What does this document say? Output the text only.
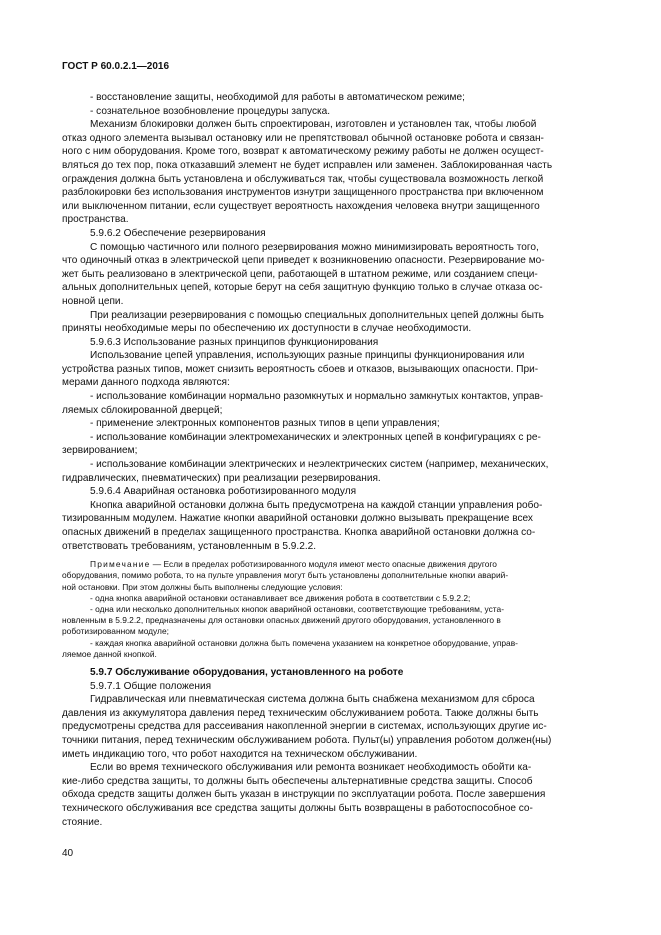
ГОСТ Р 60.0.2.1—2016

- восстановление защиты, необходимой для работы в автоматическом режиме;

- сознательное возобновление процедуры запуска.

Механизм блокировки должен быть спроектирован, изготовлен и установлен так, чтобы любой

отказ одного элемента вызывал остановку или не препятствовал обычной остановке робота и связан-

ного с ним оборудования. Кроме того, возврат к автоматическому режиму работы не должен осущест-

вляться до тех пор, пока отказавший элемент не будет исправлен или заменен. Заблокированная часть

ограждения должна быть установлена и обслуживаться так, чтобы существовала возможность легкой

разблокировки без использования инструментов изнутри защищенного пространства при включенном

или выключенном питании, если существует вероятность нахождения человека внутри защищенного

пространства.

5.9.6.2 Обеспечение резервирования

С помощью частичного или полного резервирования можно минимизировать вероятность того,

что одиночный отказ в электрической цепи приведет к возникновению опасности. Резервирование мо-

жет быть реализовано в электрической цепи, работающей в штатном режиме, или созданием специ-

альных дополнительных цепей, которые берут на себя защитную функцию только в случае отказа ос-

новной цепи.

При реализации резервирования с помощью специальных дополнительных цепей должны быть

приняты необходимые меры по обеспечению их доступности в случае необходимости.

5.9.6.3 Использование разных принципов функционирования

Использование цепей управления, использующих разные принципы функционирования или

устройства разных типов, может снизить вероятность сбоев и отказов, вызывающих опасности. При-

мерами данного подхода являются:

- использование комбинации нормально разомкнутых и нормально замкнутых контактов, управ-

ляемых сблокированной дверцей;

- применение электронных компонентов разных типов в цепи управления;

- использование комбинации электромеханических и электронных цепей в конфигурациях с ре-

зервированием;

- использование комбинации электрических и неэлектрических систем (например, механических,

гидравлических, пневматических) при реализации резервирования.

5.9.6.4 Аварийная остановка роботизированного модуля

Кнопка аварийной остановки должна быть предусмотрена на каждой станции управления робо-

тизированным модулем. Нажатие кнопки аварийной остановки должно вызывать прекращение всех

опасных движений в пределах защищенного пространства. Кнопка аварийной остановки должна со-

ответствовать требованиям, установленным в 5.9.2.2.

Примечание — Если в пределах роботизированного модуля имеют место опасные движения другого

оборудования, помимо робота, то на пульте управления могут быть установлены дополнительные кнопки аварий-

ной остановки. При этом должны быть выполнены следующие условия:

- одна кнопка аварийной остановки останавливает все движения робота в соответствии с 5.9.2.2;

- одна или несколько дополнительных кнопок аварийной остановки, соответствующие требованиям, уста-

новленным в 5.9.2.2, предназначены для остановки опасных движений другого оборудования, установленного в

роботизированном модуле;

- каждая кнопка аварийной остановки должна быть помечена указанием на конкретное оборудование, управ-

ляемое данной кнопкой.

5.9.7 Обслуживание оборудования, установленного на роботе

5.9.7.1 Общие положения

Гидравлическая или пневматическая система должна быть снабжена механизмом для сброса

давления из аккумулятора давления перед техническим обслуживанием робота. Также должны быть

предусмотрены средства для рассеивания накопленной энергии в системах, использующих другие ис-

точники питания, перед техническим обслуживанием робота. Пульт(ы) управления роботом должен(ны)

иметь индикацию того, что робот находится на техническом обслуживании.

Если во время технического обслуживания или ремонта возникает необходимость обойти ка-

кие-либо средства защиты, то должны быть обеспечены альтернативные средства защиты. Способ

обхода средств защиты должен быть указан в инструкции по эксплуатации робота. После завершения

технического обслуживания все средства защиты должны быть возвращены в работоспособное со-

стояние.

40
